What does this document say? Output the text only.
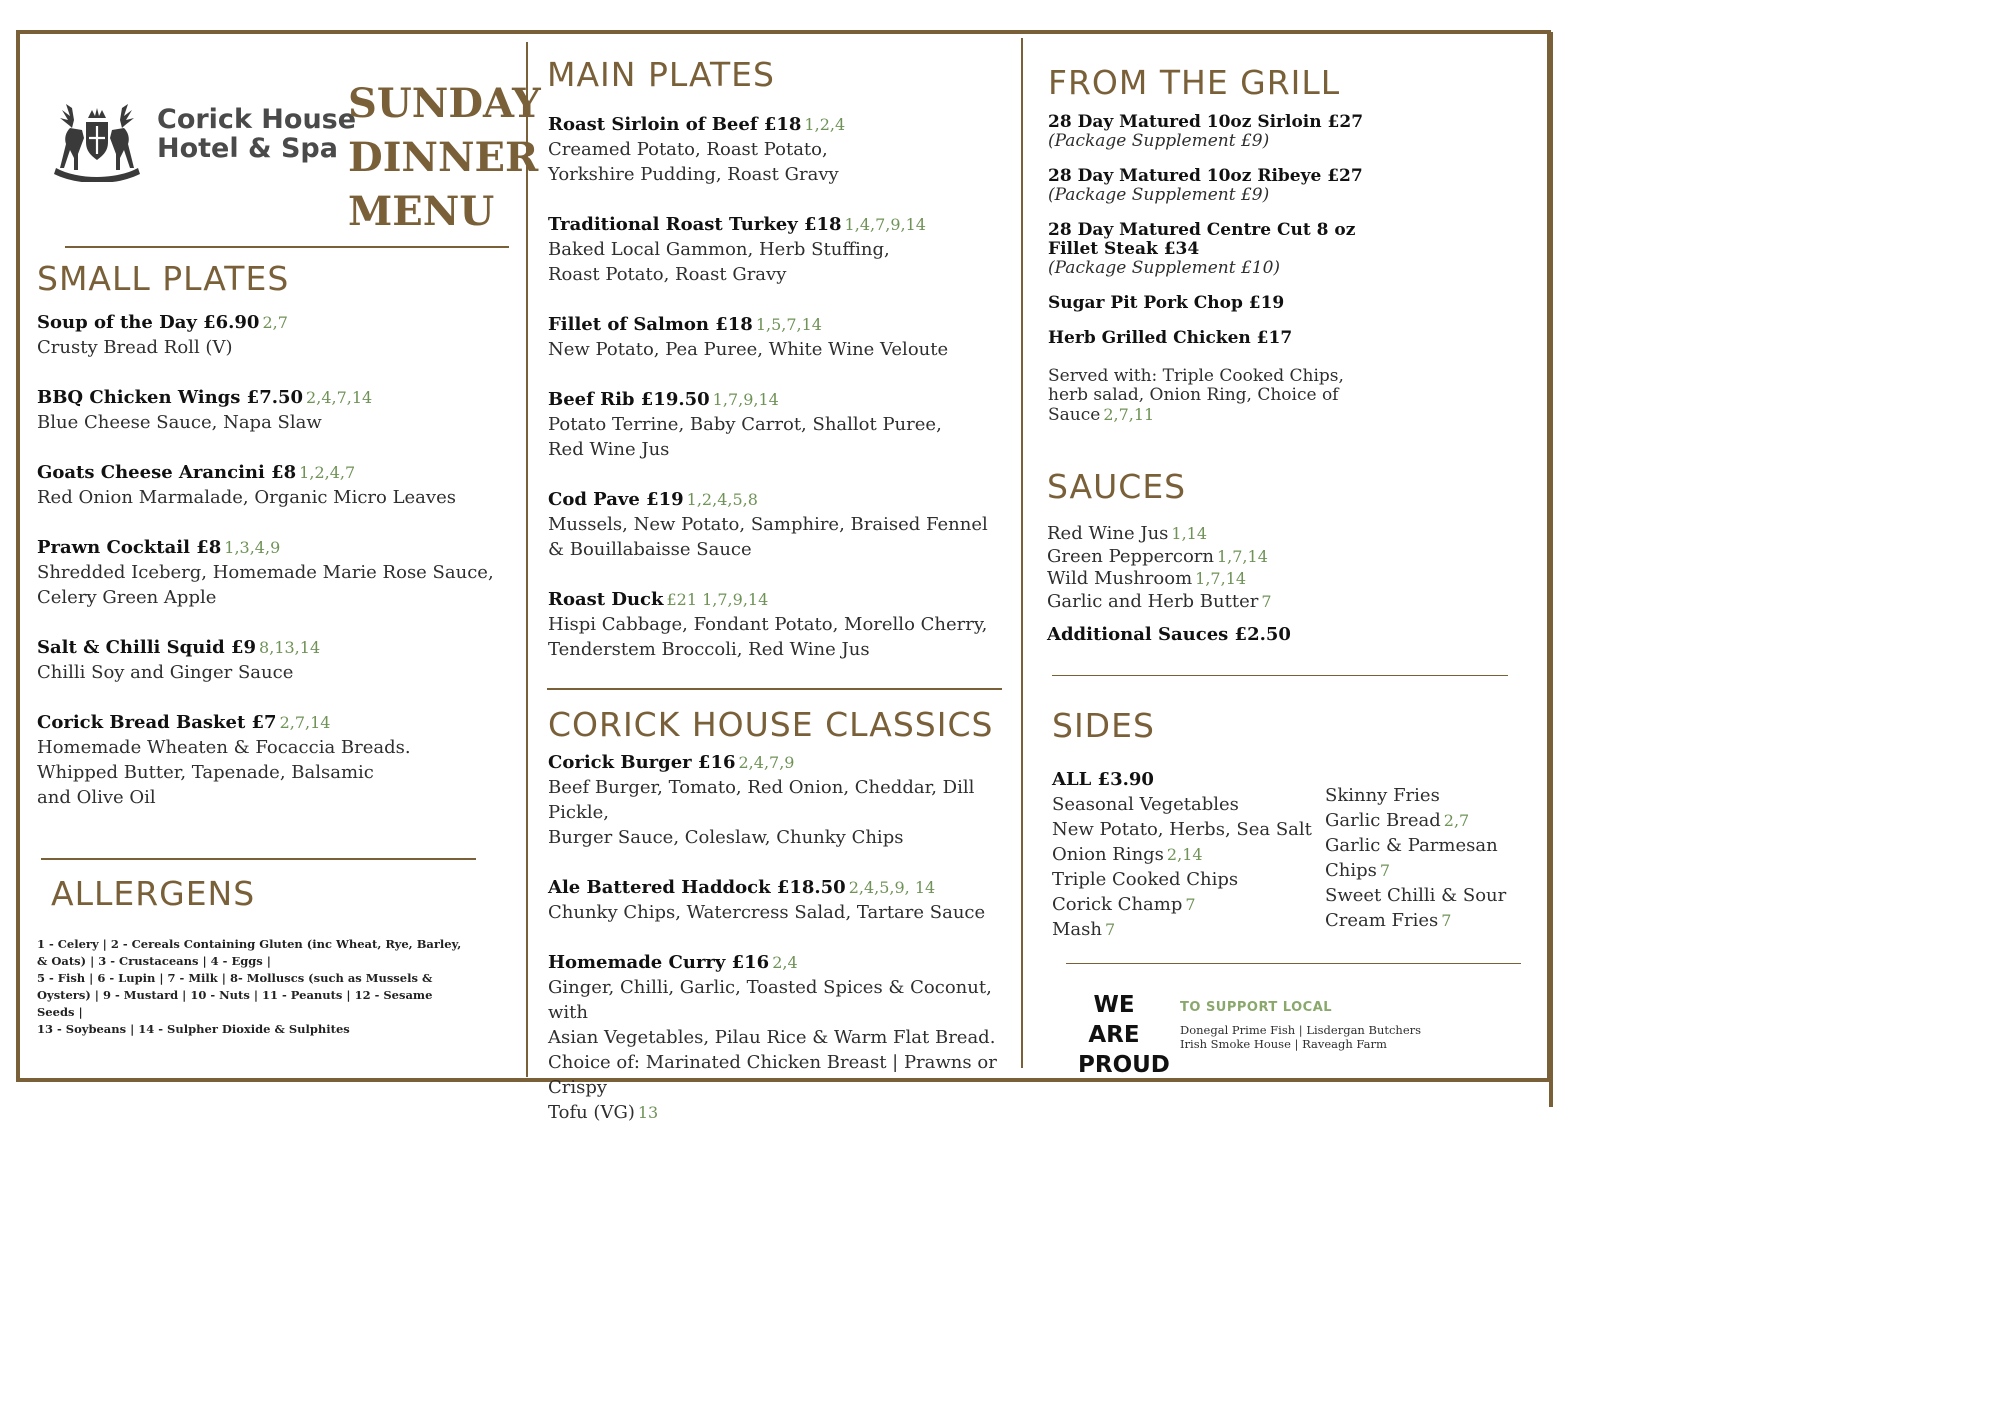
Corick House
Hotel & Spa
SUNDAY
DINNER
MENU
SMALL PLATES
ALLERGENS
MAIN PLATES
CORICK HOUSE CLASSICS
FROM THE GRILL
SAUCES
SIDES
Soup of the Day £6.90 2,7
Crusty Bread Roll (V)
BBQ Chicken Wings £7.50 2,4,7,14
Blue Cheese Sauce, Napa Slaw
Goats Cheese Arancini £8 1,2,4,7
Red Onion Marmalade, Organic Micro Leaves
Prawn Cocktail £8 1,3,4,9
Shredded Iceberg, Homemade Marie Rose Sauce,
Celery Green Apple
Salt & Chilli Squid £9 8,13,14
Chilli Soy and Ginger Sauce
Corick Bread Basket £7 2,7,14
Homemade Wheaten & Focaccia Breads.
Whipped Butter, Tapenade, Balsamic
and Olive Oil
Roast Sirloin of Beef £18 1,2,4
Creamed Potato, Roast Potato,
Yorkshire Pudding, Roast Gravy
Traditional Roast Turkey £18 1,4,7,9,14
Baked Local Gammon, Herb Stuffing,
Roast Potato, Roast Gravy
Fillet of Salmon £18 1,5,7,14
New Potato, Pea Puree, White Wine Veloute
Beef Rib £19.50 1,7,9,14
Potato Terrine, Baby Carrot, Shallot Puree,
Red Wine Jus
Cod Pave £19 1,2,4,5,8
Mussels, New Potato, Samphire, Braised Fennel
& Bouillabaisse Sauce
Roast Duck £21 1,7,9,14
Hispi Cabbage, Fondant Potato, Morello Cherry,
Tenderstem Broccoli, Red Wine Jus
Corick Burger £16 2,4,7,9
Beef Burger, Tomato, Red Onion, Cheddar, Dill Pickle,
Burger Sauce, Coleslaw, Chunky Chips
Ale Battered Haddock £18.50 2,4,5,9, 14
Chunky Chips, Watercress Salad, Tartare Sauce
Homemade Curry £16 2,4
Ginger, Chilli, Garlic, Toasted Spices & Coconut, with
Asian Vegetables, Pilau Rice & Warm Flat Bread.
Choice of: Marinated Chicken Breast | Prawns or Crispy
Tofu (VG) 13
28 Day Matured 10oz Sirloin £27
(Package Supplement £9)
28 Day Matured 10oz Ribeye £27
(Package Supplement £9)
28 Day Matured Centre Cut 8 oz
Fillet Steak £34
(Package Supplement £10)
Sugar Pit Pork Chop £19
Herb Grilled Chicken £17
Served with: Triple Cooked Chips,
herb salad, Onion Ring, Choice of
Sauce 2,7,11
Red Wine Jus 1,14
Green Peppercorn 1,7,14
Wild Mushroom 1,7,14
Garlic and Herb Butter 7
Additional Sauces £2.50
ALL £3.90
Seasonal Vegetables
New Potato, Herbs, Sea Salt
Onion Rings 2,14
Triple Cooked Chips
Corick Champ 7
Mash 7
Skinny Fries
Garlic Bread 2,7
Garlic & Parmesan Chips 7
Sweet Chilli & Sour
Cream Fries 7
1 - Celery | 2 - Cereals Containing Gluten (inc Wheat, Rye, Barley, & Oats) | 3 - Crustaceans | 4 - Eggs |
5 - Fish | 6 - Lupin | 7 - Milk | 8- Molluscs (such as Mussels & Oysters) | 9 - Mustard | 10 - Nuts | 11 - Peanuts | 12 - Sesame Seeds |
13 - Soybeans | 14 - Sulpher Dioxide & Sulphites
WE ARE
PROUD
TO SUPPORT LOCAL
Donegal Prime Fish | Lisdergan Butchers
Irish Smoke House | Raveagh Farm
